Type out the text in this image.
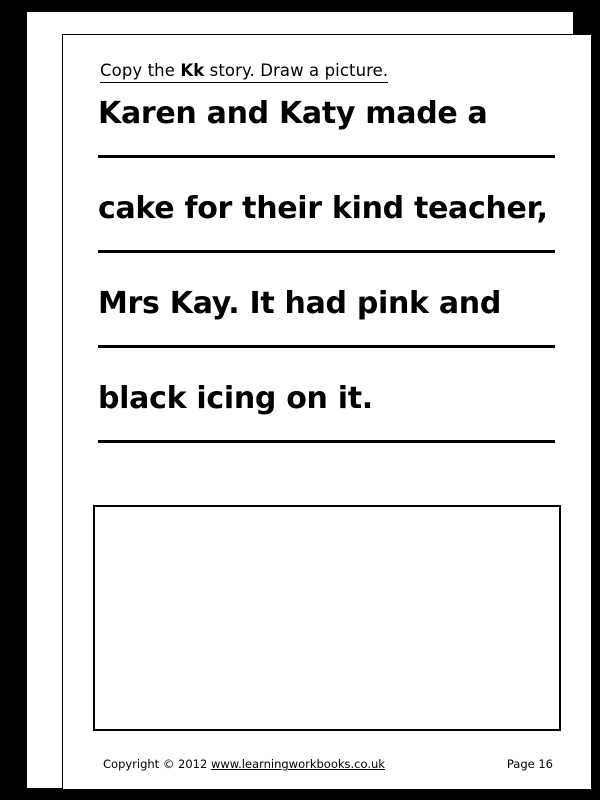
Copy the Kk story. Draw a picture.
Karen and Katy made a
cake for their kind teacher,
Mrs Kay. It had pink and
black icing on it.
Copyright © 2012 www.learningworkbooks.co.uk	Page 16
